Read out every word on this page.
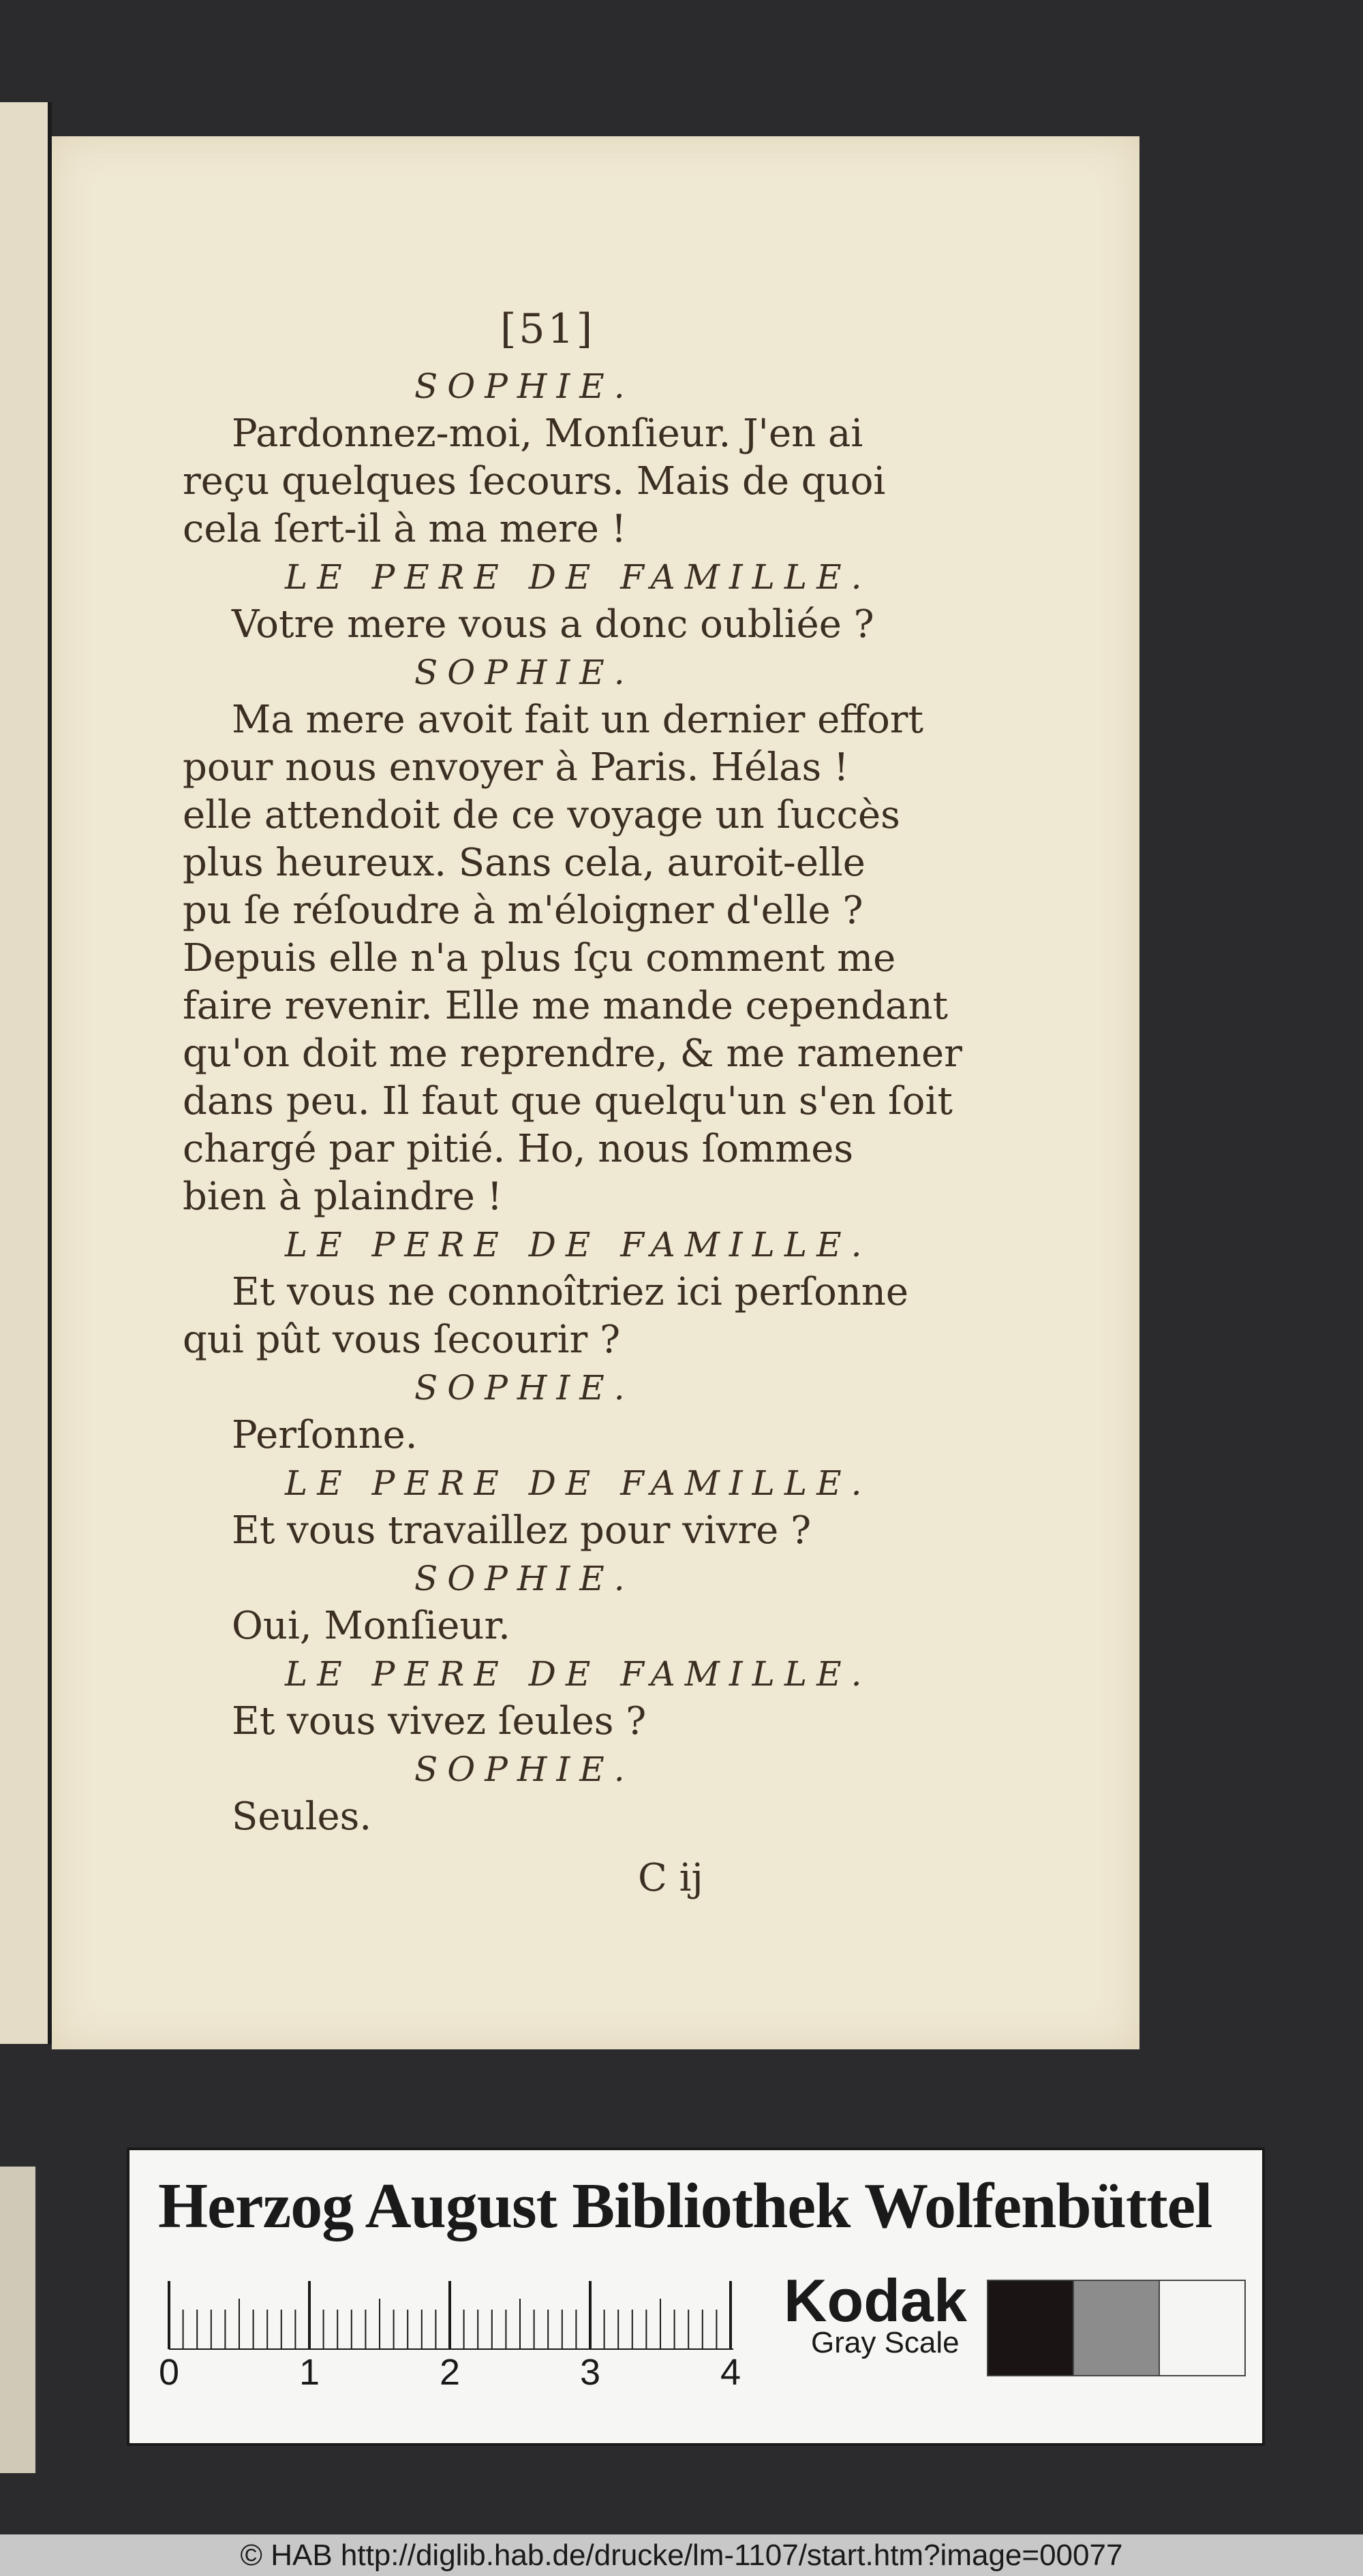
[51]
SOPHIE.
Pardonnez-moi, Monſieur. J'en ai
reçu quelques ſecours. Mais de quoi
cela ſert-il à ma mere !
LE PERE DE FAMILLE.
Votre mere vous a donc oubliée ?
SOPHIE.
Ma mere avoit fait un dernier effort
pour nous envoyer à Paris. Hélas !
elle attendoit de ce voyage un ſuccès
plus heureux. Sans cela, auroit-elle
pu ſe réſoudre à m'éloigner d'elle ?
Depuis elle n'a plus ſçu comment me
faire revenir. Elle me mande cependant
qu'on doit me reprendre, & me ramener
dans peu. Il faut que quelqu'un s'en ſoit
chargé par pitié. Ho, nous ſommes
bien à plaindre !
LE PERE DE FAMILLE.
Et vous ne connoîtriez ici perſonne
qui pût vous ſecourir ?
SOPHIE.
Perſonne.
LE PERE DE FAMILLE.
Et vous travaillez pour vivre ?
SOPHIE.
Oui, Monſieur.
LE PERE DE FAMILLE.
Et vous vivez ſeules ?
SOPHIE.
Seules.
C ij
Herzog August Bibliothek Wolfenbüttel
0	1	2	3	4
Kodak
Gray Scale
© HAB http://diglib.hab.de/drucke/lm-1107/start.htm?image=00077
